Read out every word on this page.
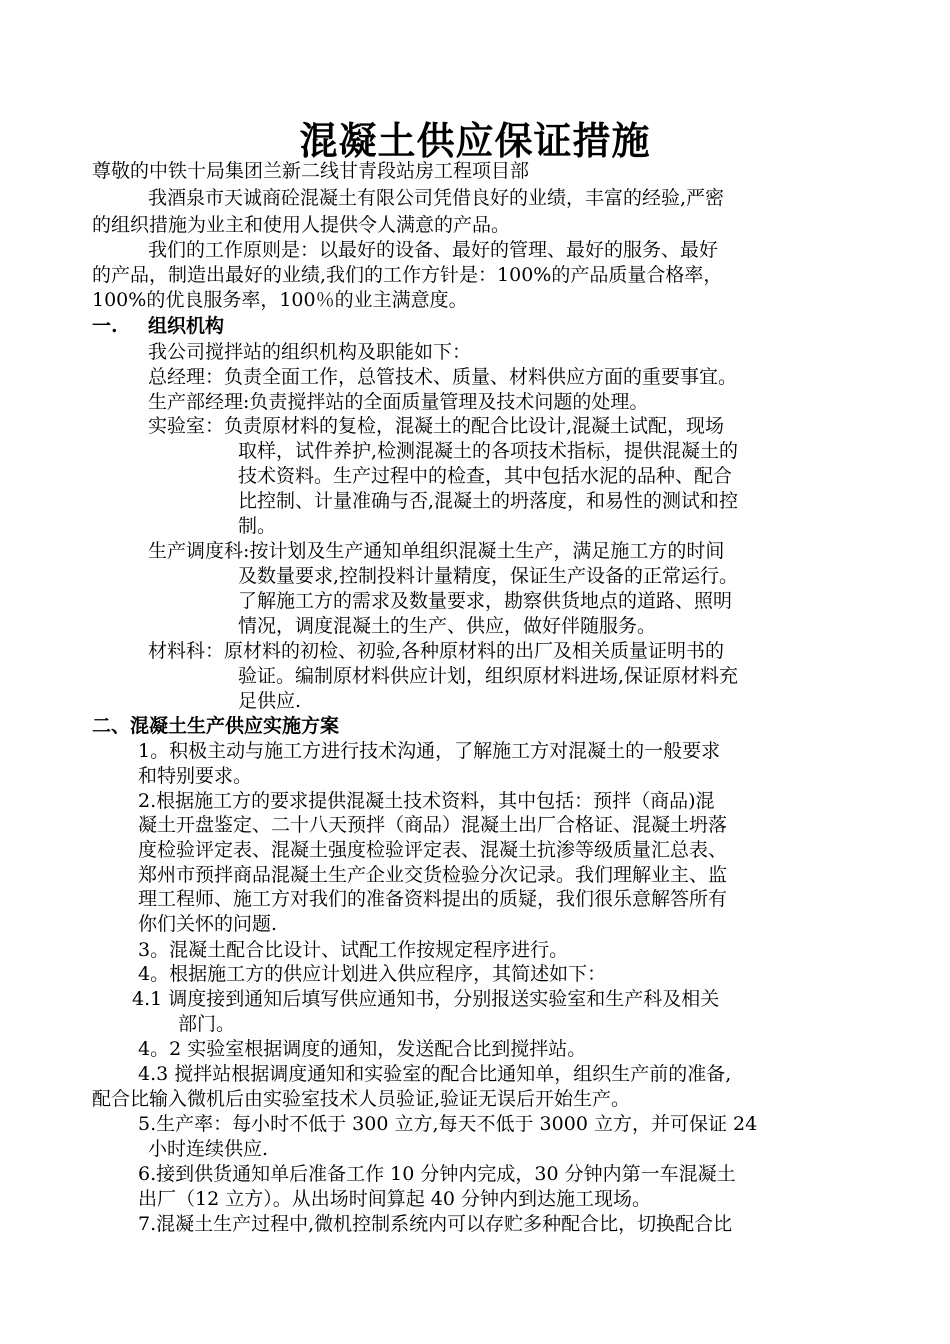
混凝土供应保证措施
尊敬的中铁十局集团兰新二线甘青段站房工程项目部
我酒泉市天诚商砼混凝土有限公司凭借良好的业绩，丰富的经验,严密
的组织措施为业主和使用人提供令人满意的产品。
我们的工作原则是：以最好的设备、最好的管理、最好的服务、最好
的产品，制造出最好的业绩,我们的工作方针是：100%的产品质量合格率，
100%的优良服务率，100％的业主满意度。
一. 组织机构
我公司搅拌站的组织机构及职能如下：
总经理：负责全面工作，总管技术、质量、材料供应方面的重要事宜。
生产部经理:负责搅拌站的全面质量管理及技术问题的处理。
实验室：负责原材料的复检，混凝土的配合比设计,混凝土试配，现场
取样，试件养护,检测混凝土的各项技术指标，提供混凝土的
技术资料。生产过程中的检查，其中包括水泥的品种、配合
比控制、计量准确与否,混凝土的坍落度，和易性的测试和控
制。
生产调度科:按计划及生产通知单组织混凝土生产，满足施工方的时间
及数量要求,控制投料计量精度，保证生产设备的正常运行。
了解施工方的需求及数量要求，勘察供货地点的道路、照明
情况，调度混凝土的生产、供应，做好伴随服务。
材料科：原材料的初检、初验,各种原材料的出厂及相关质量证明书的
验证。编制原材料供应计划，组织原材料进场,保证原材料充
足供应.
二、混凝土生产供应实施方案
1。积极主动与施工方进行技术沟通，了解施工方对混凝土的一般要求
和特别要求。
2.根据施工方的要求提供混凝土技术资料，其中包括：预拌（商品)混
凝土开盘鉴定、二十八天预拌（商品）混凝土出厂合格证、混凝土坍落
度检验评定表、混凝土强度检验评定表、混凝土抗渗等级质量汇总表、
郑州市预拌商品混凝土生产企业交货检验分次记录。我们理解业主、监
理工程师、施工方对我们的准备资料提出的质疑，我们很乐意解答所有
你们关怀的问题.
3。混凝土配合比设计、试配工作按规定程序进行。
4。根据施工方的供应计划进入供应程序，其简述如下：
4.1 调度接到通知后填写供应通知书，分别报送实验室和生产科及相关
部门。
4。2 实验室根据调度的通知，发送配合比到搅拌站。
4.3 搅拌站根据调度通知和实验室的配合比通知单，组织生产前的准备,
配合比输入微机后由实验室技术人员验证,验证无误后开始生产。
5.生产率：每小时不低于 300 立方,每天不低于 3000 立方，并可保证 24
小时连续供应.
6.接到供货通知单后准备工作 10 分钟内完成，30 分钟内第一车混凝土
出厂（12 立方）。从出场时间算起 40 分钟内到达施工现场。
7.混凝土生产过程中,微机控制系统内可以存贮多种配合比，切换配合比
